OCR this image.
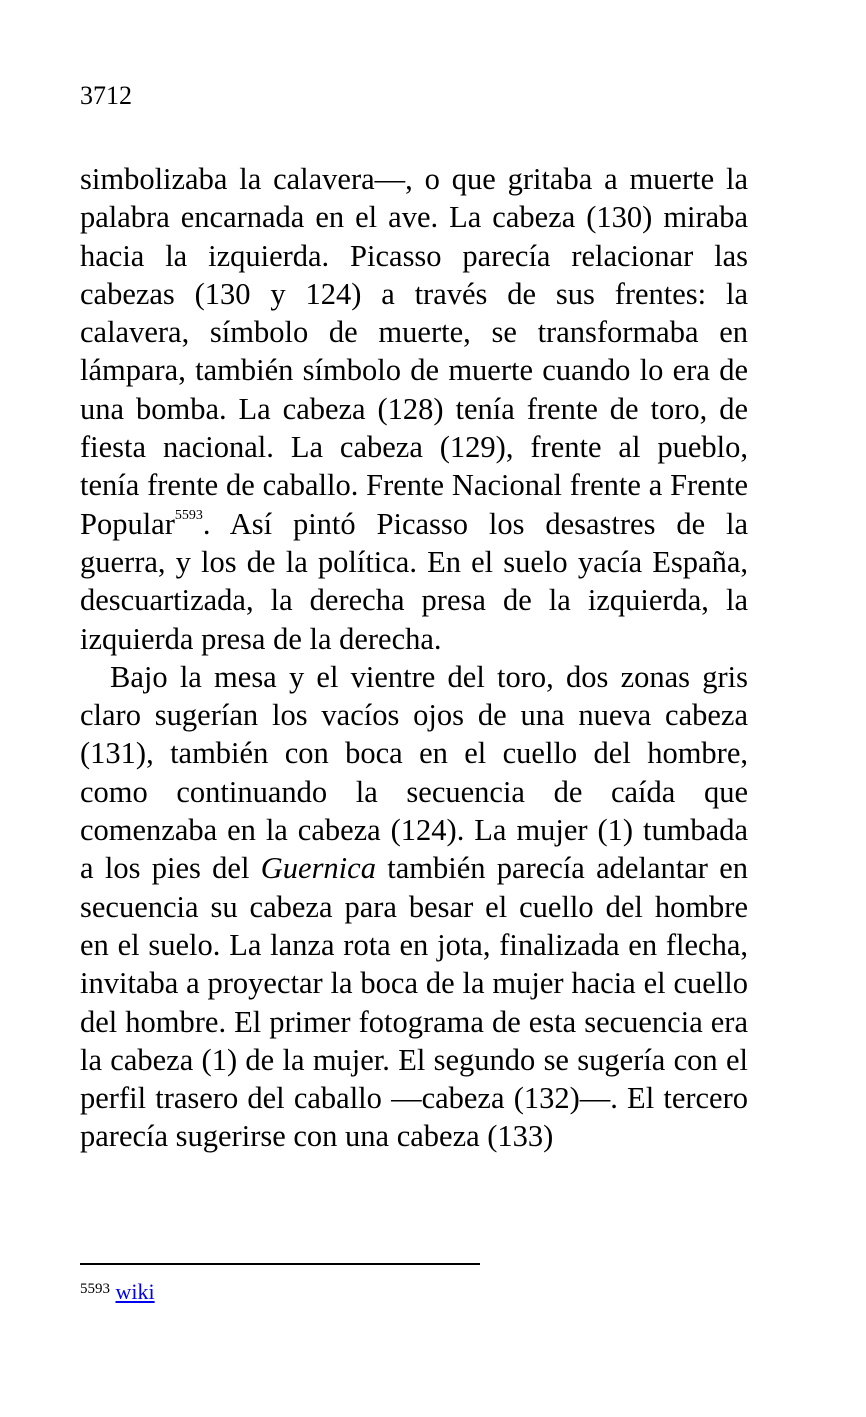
3712

simbolizaba la calavera—, o que gritaba a muerte la palabra encarnada en el ave. La cabeza (130) miraba hacia la izquierda. Picasso parecía relacionar las cabezas (130 y 124) a través de sus frentes: la calavera, símbolo de muerte, se transformaba en lámpara, también símbolo de muerte cuando lo era de una bomba. La cabeza (128) tenía frente de toro, de fiesta nacional. La cabeza (129), frente al pueblo, tenía frente de caballo. Frente Nacional frente a Frente Popular$^{5593}$. Así pintó Picasso los desastres de la guerra, y los de la política. En el suelo yacía España, descuartizada, la derecha presa de la izquierda, la izquierda presa de la derecha.

Bajo la mesa y el vientre del toro, dos zonas gris claro sugerían los vacíos ojos de una nueva cabeza (131), también con boca en el cuello del hombre, como continuando la secuencia de caída que comenzaba en la cabeza (124). La mujer (1) tumbada a los pies del Guernica también parecía adelantar en secuencia su cabeza para besar el cuello del hombre en el suelo. La lanza rota en jota, finalizada en flecha, invitaba a proyectar la boca de la mujer hacia el cuello del hombre. El primer fotograma de esta secuencia era la cabeza (1) de la mujer. El segundo se sugería con el perfil trasero del caballo —cabeza (132)—. El tercero parecía sugerirse con una cabeza (133)

$^{5593}$ wiki
